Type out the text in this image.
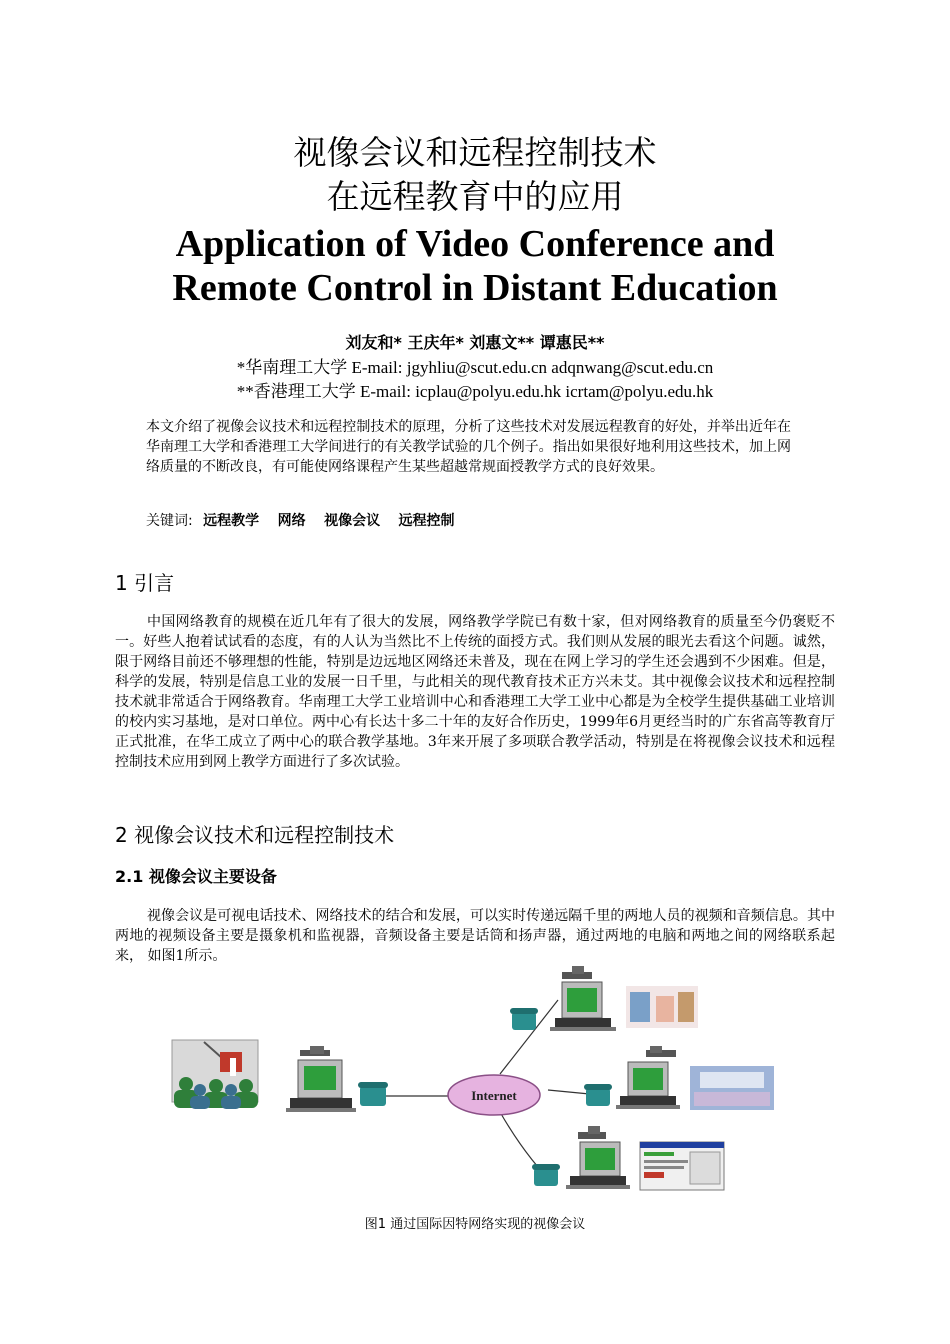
视像会议和远程控制技术
在远程教育中的应用
Application of Video Conference and
Remote Control in Distant Education
刘友和* 王庆年* 刘惠文** 谭惠民**
*华南理工大学 E-mail: jgyhliu@scut.edu.cn adqnwang@scut.edu.cn
**香港理工大学 E-mail: icplau@polyu.edu.hk icrtam@polyu.edu.hk
本文介绍了视像会议技术和远程控制技术的原理，分析了这些技术对发展远程教育的好处，并举出近年在华南理工大学和香港理工大学间进行的有关教学试验的几个例子。指出如果很好地利用这些技术，加上网络质量的不断改良，有可能使网络课程产生某些超越常规面授教学方式的良好效果。
关键词: 远程教学 网络 视像会议 远程控制
1 引言
中国网络教育的规模在近几年有了很大的发展，网络教学学院已有数十家，但对网络教育的质量至今仍褒贬不一。好些人抱着试试看的态度，有的人认为当然比不上传统的面授方式。我们则从发展的眼光去看这个问题。诚然，限于网络目前还不够理想的性能，特别是边远地区网络还未普及，现在在网上学习的学生还会遇到不少困难。但是，科学的发展，特别是信息工业的发展一日千里，与此相关的现代教育技术正方兴未艾。其中视像会议技术和远程控制技术就非常适合于网络教育。华南理工大学工业培训中心和香港理工大学工业中心都是为全校学生提供基础工业培训的校内实习基地，是对口单位。两中心有长达十多二十年的友好合作历史，1999年6月更经当时的广东省高等教育厅正式批准，在华工成立了两中心的联合教学基地。3年来开展了多项联合教学活动，特别是在将视像会议技术和远程控制技术应用到网上教学方面进行了多次试验。
2 视像会议技术和远程控制技术
2.1 视像会议主要设备
视像会议是可视电话技术、网络技术的结合和发展，可以实时传递远隔千里的两地人员的视频和音频信息。其中两地的视频设备主要是摄象机和监视器，音频设备主要是话筒和扬声器，通过两地的电脑和两地之间的网络联系起来， 如图1所示。
Internet
图1 通过国际因特网络实现的视像会议
